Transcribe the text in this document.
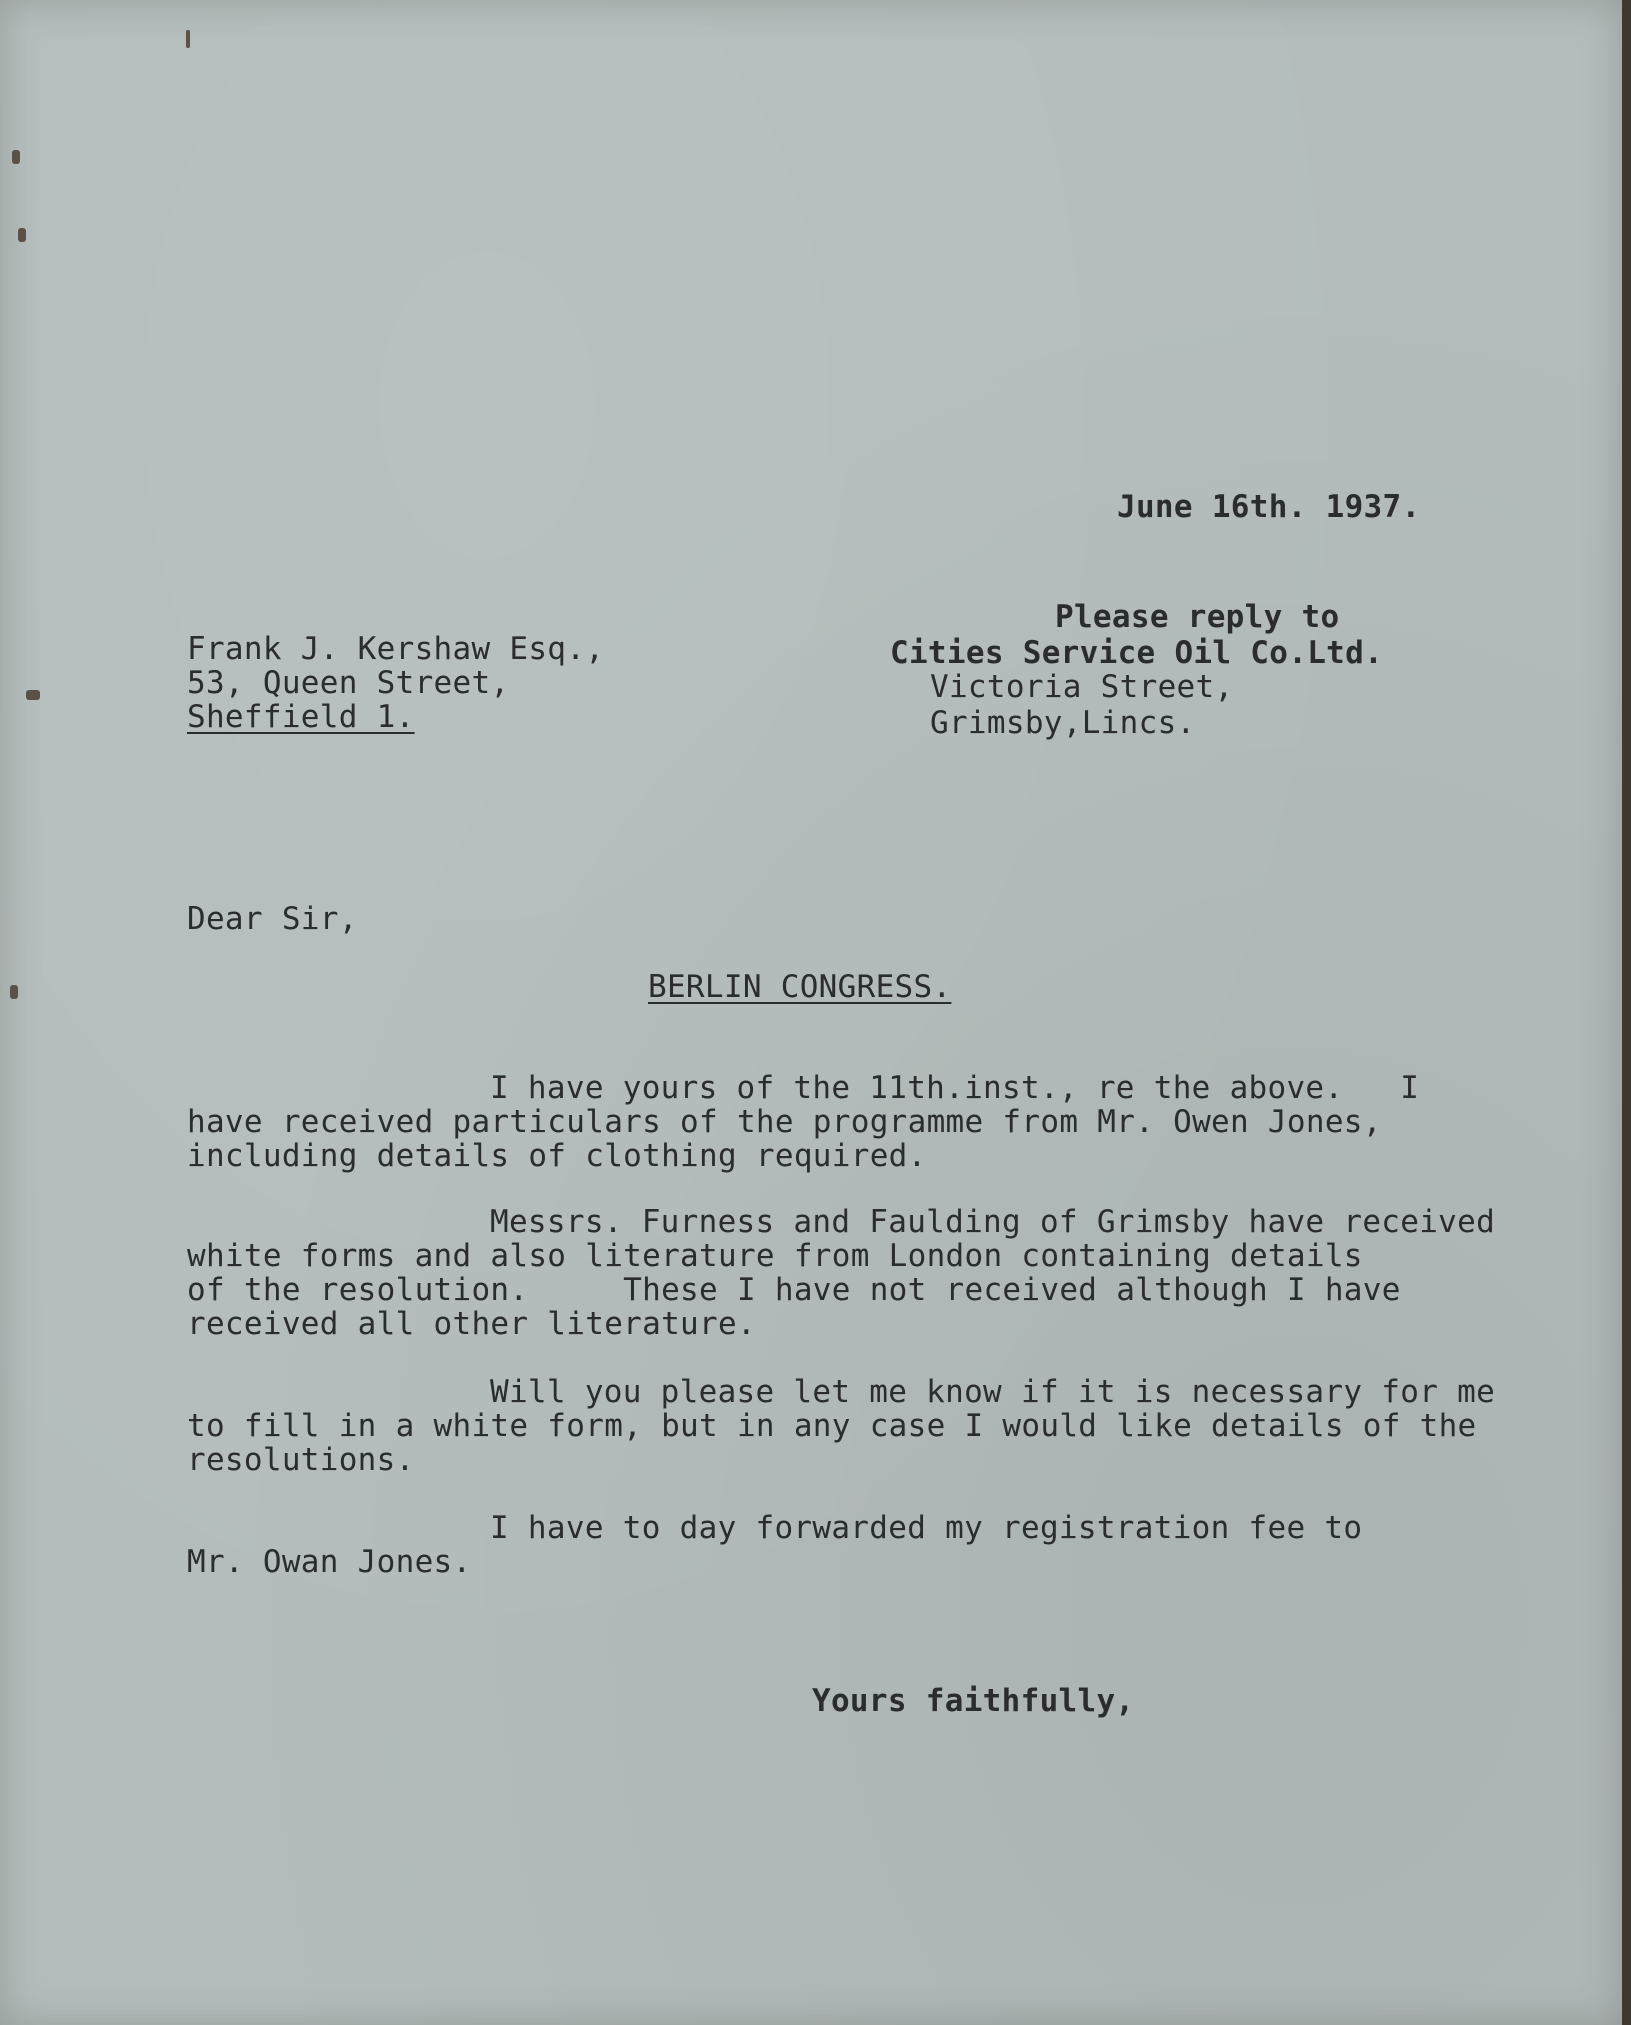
June 16th. 1937.
Frank J. Kershaw Esq.,
53, Queen Street,
Sheffield 1.
Please reply to
Cities Service Oil Co.Ltd.
Victoria Street,
Grimsby,Lincs.
Dear Sir,
BERLIN CONGRESS.
I have yours of the 11th.inst., re the above.   I
have received particulars of the programme from Mr. Owen Jones,
including details of clothing required.
Messrs. Furness and Faulding of Grimsby have received
white forms and also literature from London containing details
of the resolution.     These I have not received although I have
received all other literature.
Will you please let me know if it is necessary for me
to fill in a white form, but in any case I would like details of the
resolutions.
I have to day forwarded my registration fee to
Mr. Owan Jones.
Yours faithfully,
